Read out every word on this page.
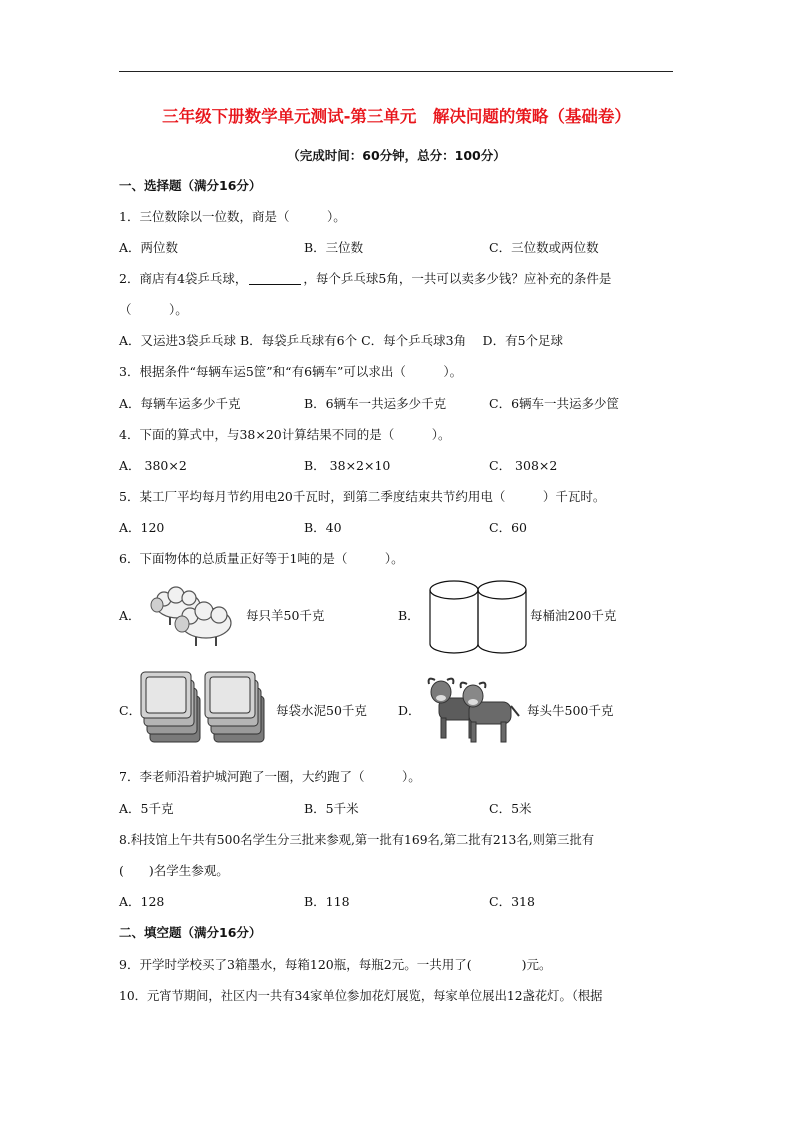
三年级下册数学单元测试-第三单元　解决问题的策略（基础卷）
（完成时间：60分钟，总分：100分）
一、选择题（满分16分）
1．三位数除以一位数，商是（　　　）。
A．两位数	B．三位数	C．三位数或两位数
2．商店有4袋乒乓球，	，每个乒乓球5角，一共可以卖多少钱？应补充的条件是
（　　　）。
A．又运进3袋乒乓球 B．每袋乒乓球有6个 C．每个乒乓球3角　 D．有5个足球
3．根据条件“每辆车运5筐”和“有6辆车”可以求出（　　　）。
A．每辆车运多少千克	B．6辆车一共运多少千克	C．6辆车一共运多少筐
4．下面的算式中，与38×20计算结果不同的是（　　　）。
A． 380×2	B． 38×2×10	C． 308×2
5．某工厂平均每月节约用电20千瓦时，到第二季度结束共节约用电（　　　）千瓦时。
A．120	B．40	C．60
6．下面物体的总质量正好等于1吨的是（　　　）。
A．	每只羊50千克	B．	每桶油200千克
C．	每袋水泥50千克 D．	每头牛500千克
7．李老师沿着护城河跑了一圈，大约跑了（　　　）。
A．5千克	B．5千米	C．5米
8.科技馆上午共有500名学生分三批来参观,第一批有169名,第二批有213名,则第三批有
(　　)名学生参观。
A．128	B．118	C．318
二、填空题（满分16分）
9．开学时学校买了3箱墨水，每箱120瓶，每瓶2元。一共用了(　　　　)元。
10．元宵节期间，社区内一共有34家单位参加花灯展览，每家单位展出12盏花灯。（根据
